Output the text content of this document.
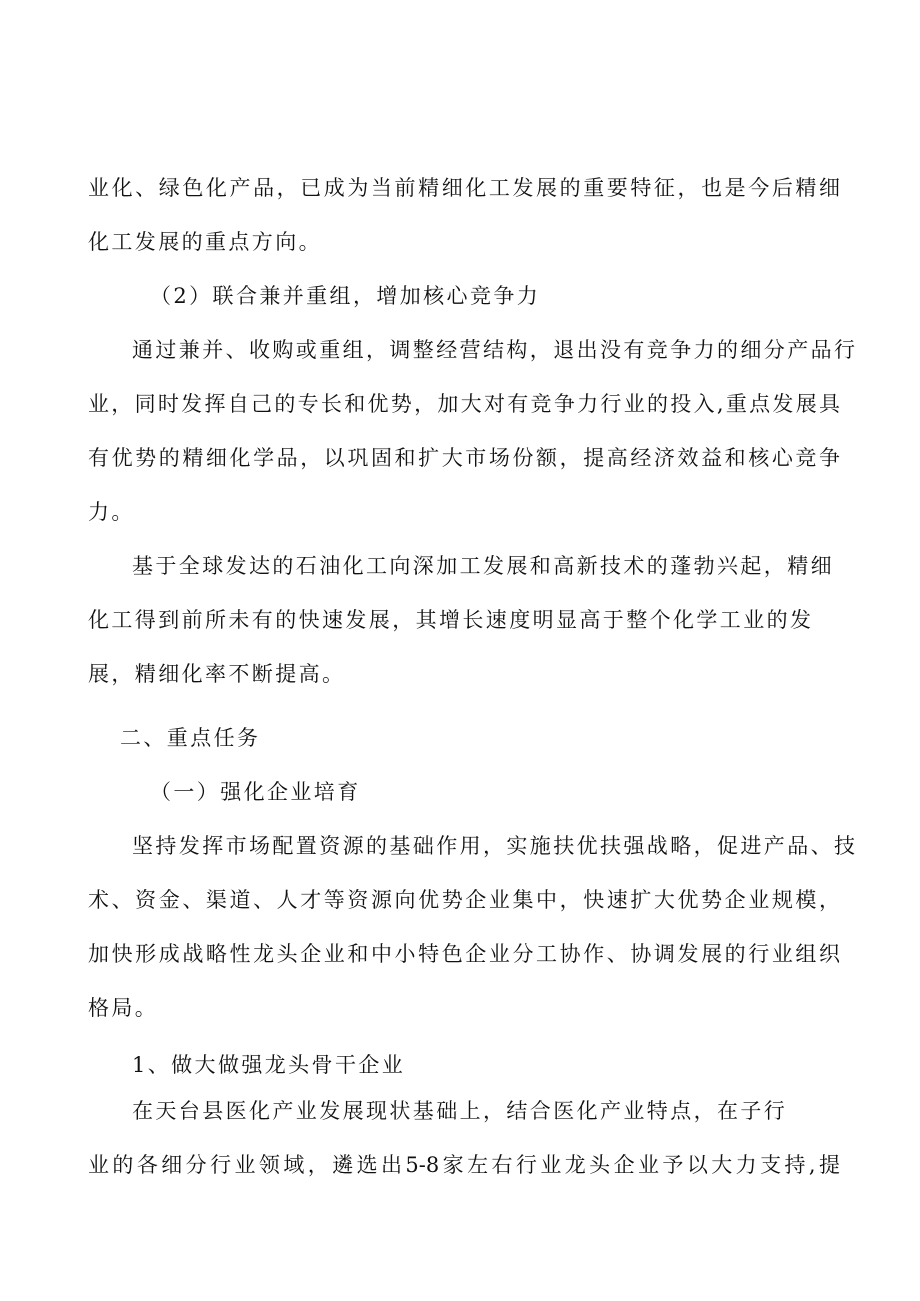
业化、绿色化产品，已成为当前精细化工发展的重要特征，也是今后精细
化工发展的重点方向。
（2）联合兼并重组，增加核心竞争力
通过兼并、收购或重组，调整经营结构，退出没有竞争力的细分产品行
业，同时发挥自己的专长和优势，加大对有竞争力行业的投入,重点发展具
有优势的精细化学品，以巩固和扩大市场份额，提高经济效益和核心竞争
力。
基于全球发达的石油化工向深加工发展和高新技术的蓬勃兴起，精细
化工得到前所未有的快速发展，其增长速度明显高于整个化学工业的发
展，精细化率不断提高。
二、重点任务
（一）强化企业培育
坚持发挥市场配置资源的基础作用，实施扶优扶强战略，促进产品、技
术、资金、渠道、人才等资源向优势企业集中，快速扩大优势企业规模，
加快形成战略性龙头企业和中小特色企业分工协作、协调发展的行业组织
格局。
1、做大做强龙头骨干企业
在天台县医化产业发展现状基础上，结合医化产业特点，在子行
业的各细分行业领域，遴选出5-8家左右行业龙头企业予以大力支持,提
